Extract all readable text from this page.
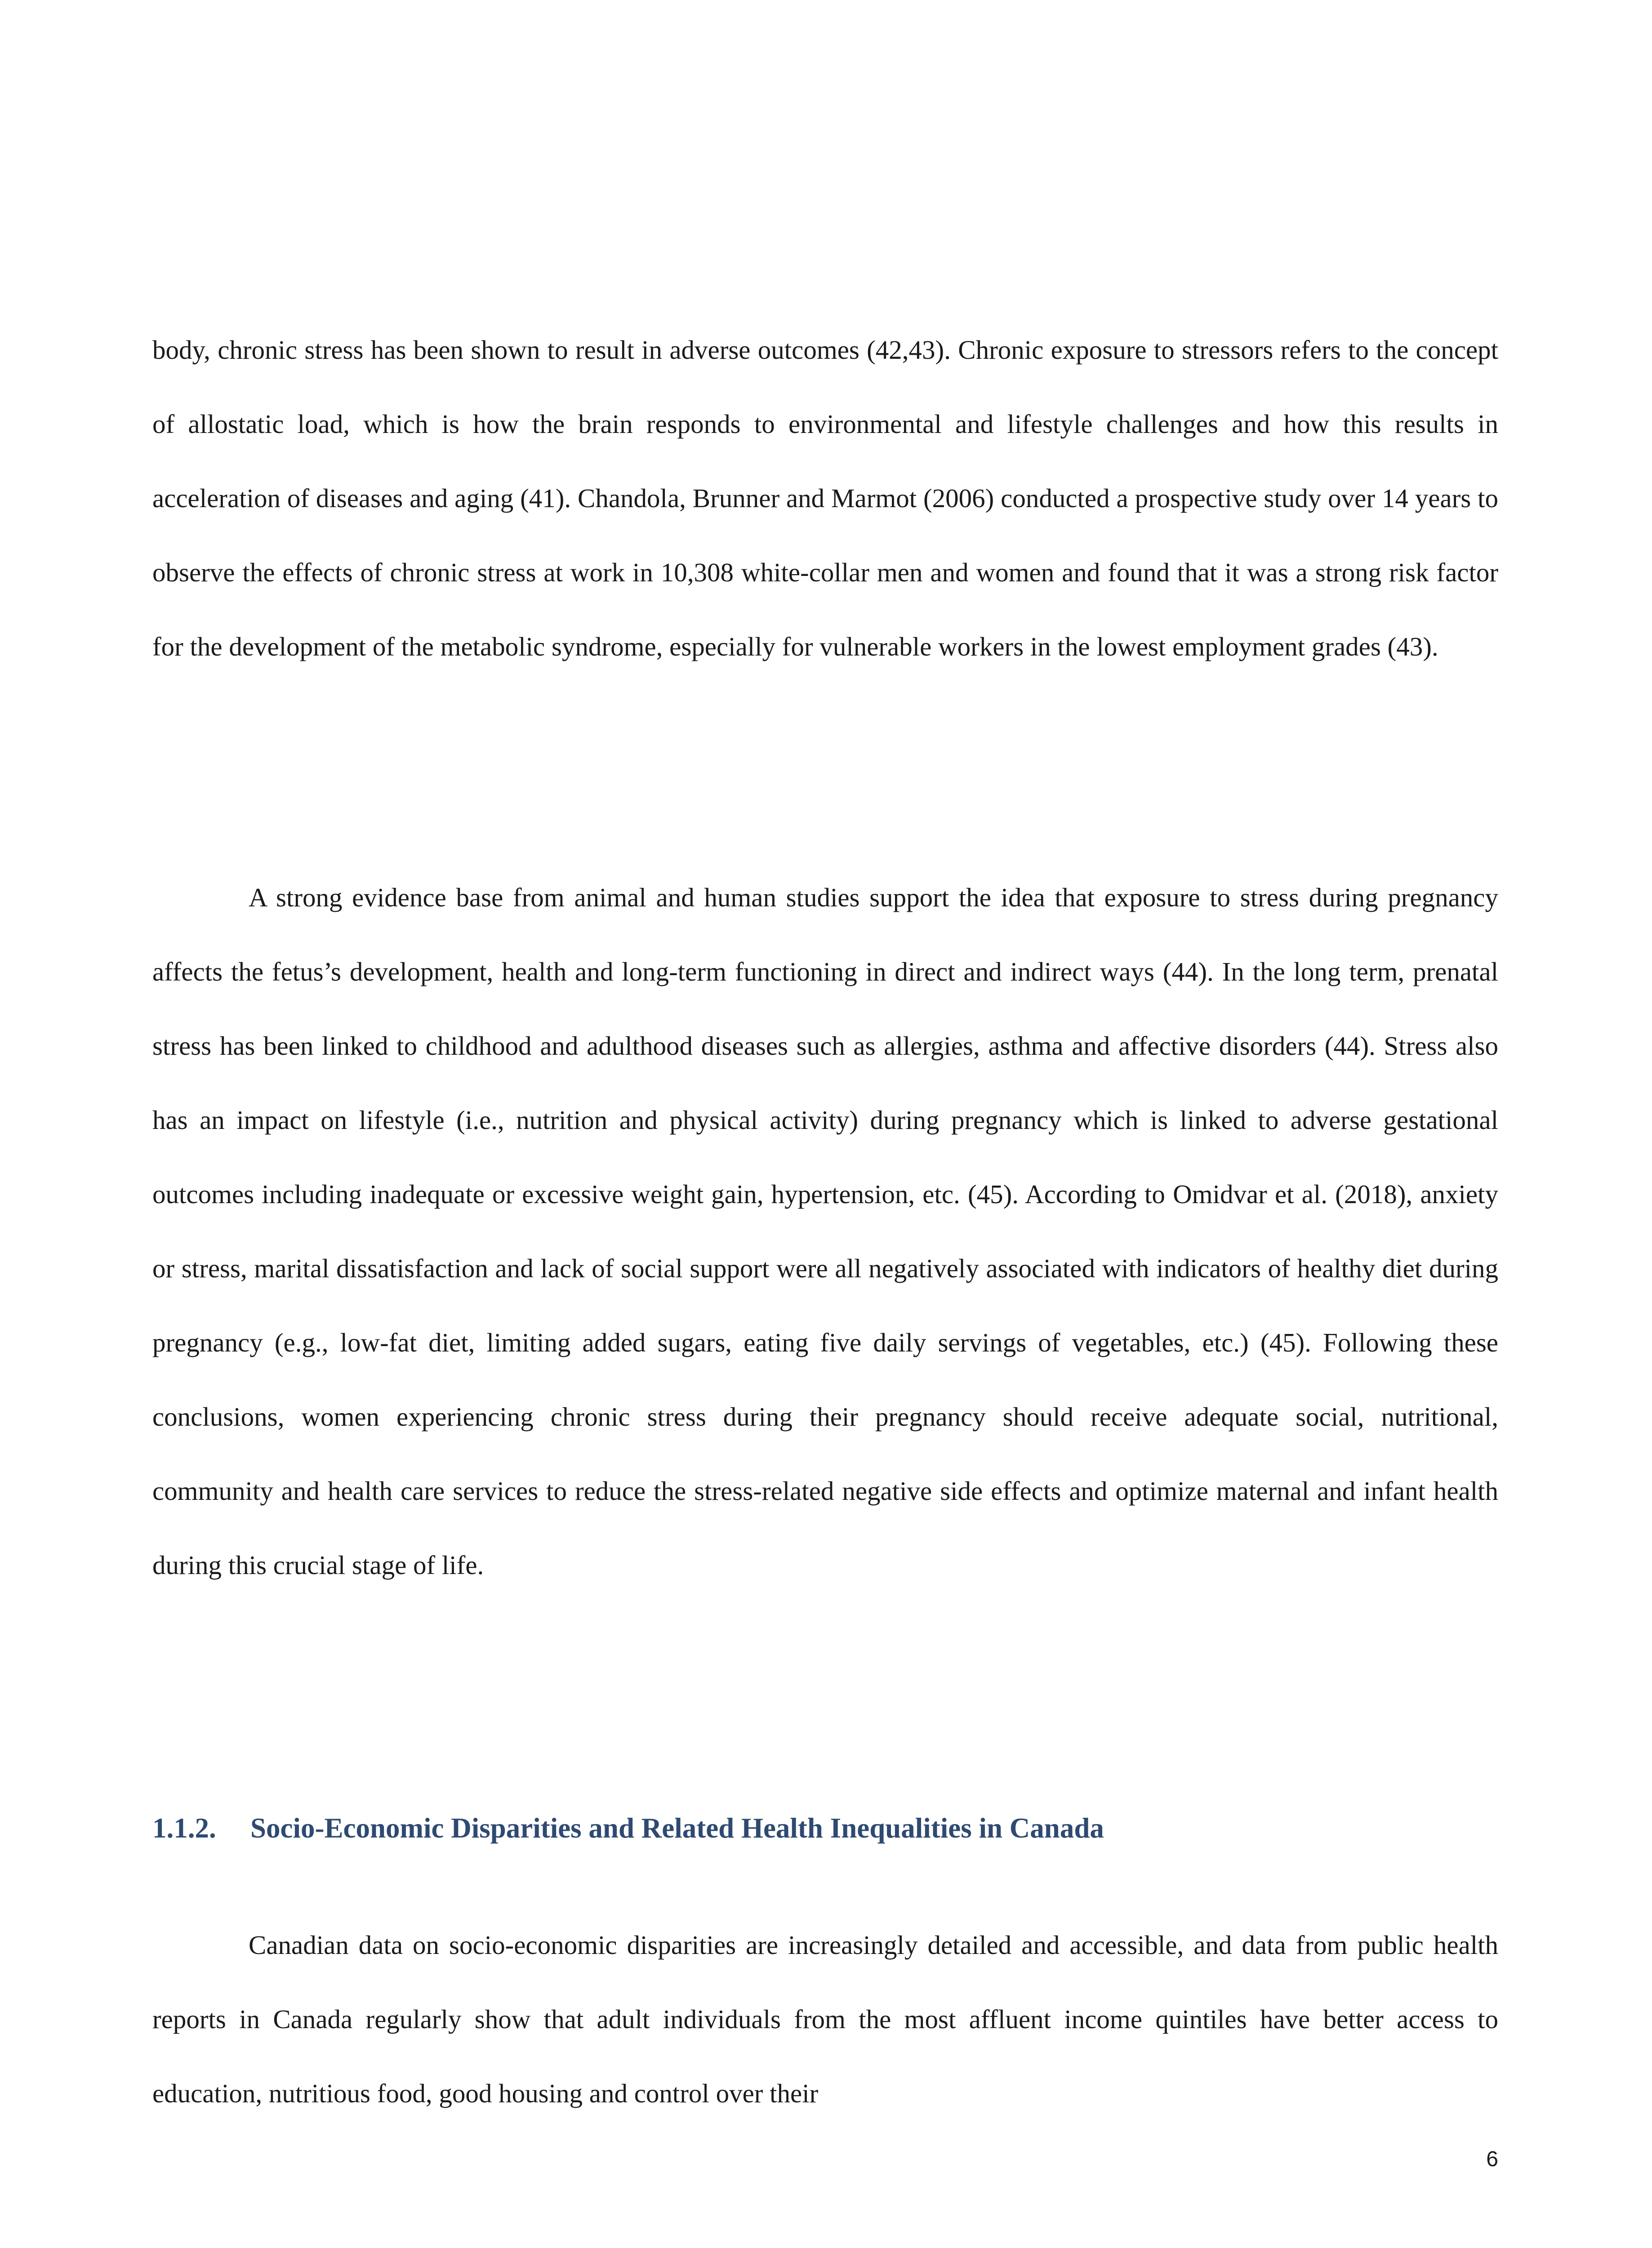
body, chronic stress has been shown to result in adverse outcomes (42,43). Chronic exposure to stressors refers to the concept of allostatic load, which is how the brain responds to environmental and lifestyle challenges and how this results in acceleration of diseases and aging (41). Chandola, Brunner and Marmot (2006) conducted a prospective study over 14 years to observe the effects of chronic stress at work in 10,308 white-collar men and women and found that it was a strong risk factor for the development of the metabolic syndrome, especially for vulnerable workers in the lowest employment grades (43).

A strong evidence base from animal and human studies support the idea that exposure to stress during pregnancy affects the fetus’s development, health and long-term functioning in direct and indirect ways (44). In the long term, prenatal stress has been linked to childhood and adulthood diseases such as allergies, asthma and affective disorders (44). Stress also has an impact on lifestyle (i.e., nutrition and physical activity) during pregnancy which is linked to adverse gestational outcomes including inadequate or excessive weight gain, hypertension, etc. (45). According to Omidvar et al. (2018), anxiety or stress, marital dissatisfaction and lack of social support were all negatively associated with indicators of healthy diet during pregnancy (e.g., low-fat diet, limiting added sugars, eating five daily servings of vegetables, etc.) (45). Following these conclusions, women experiencing chronic stress during their pregnancy should receive adequate social, nutritional, community and health care services to reduce the stress-related negative side effects and optimize maternal and infant health during this crucial stage of life.

1.1.2. Socio-Economic Disparities and Related Health Inequalities in Canada

Canadian data on socio-economic disparities are increasingly detailed and accessible, and data from public health reports in Canada regularly show that adult individuals from the most affluent income quintiles have better access to education, nutritious food, good housing and control over their

6
